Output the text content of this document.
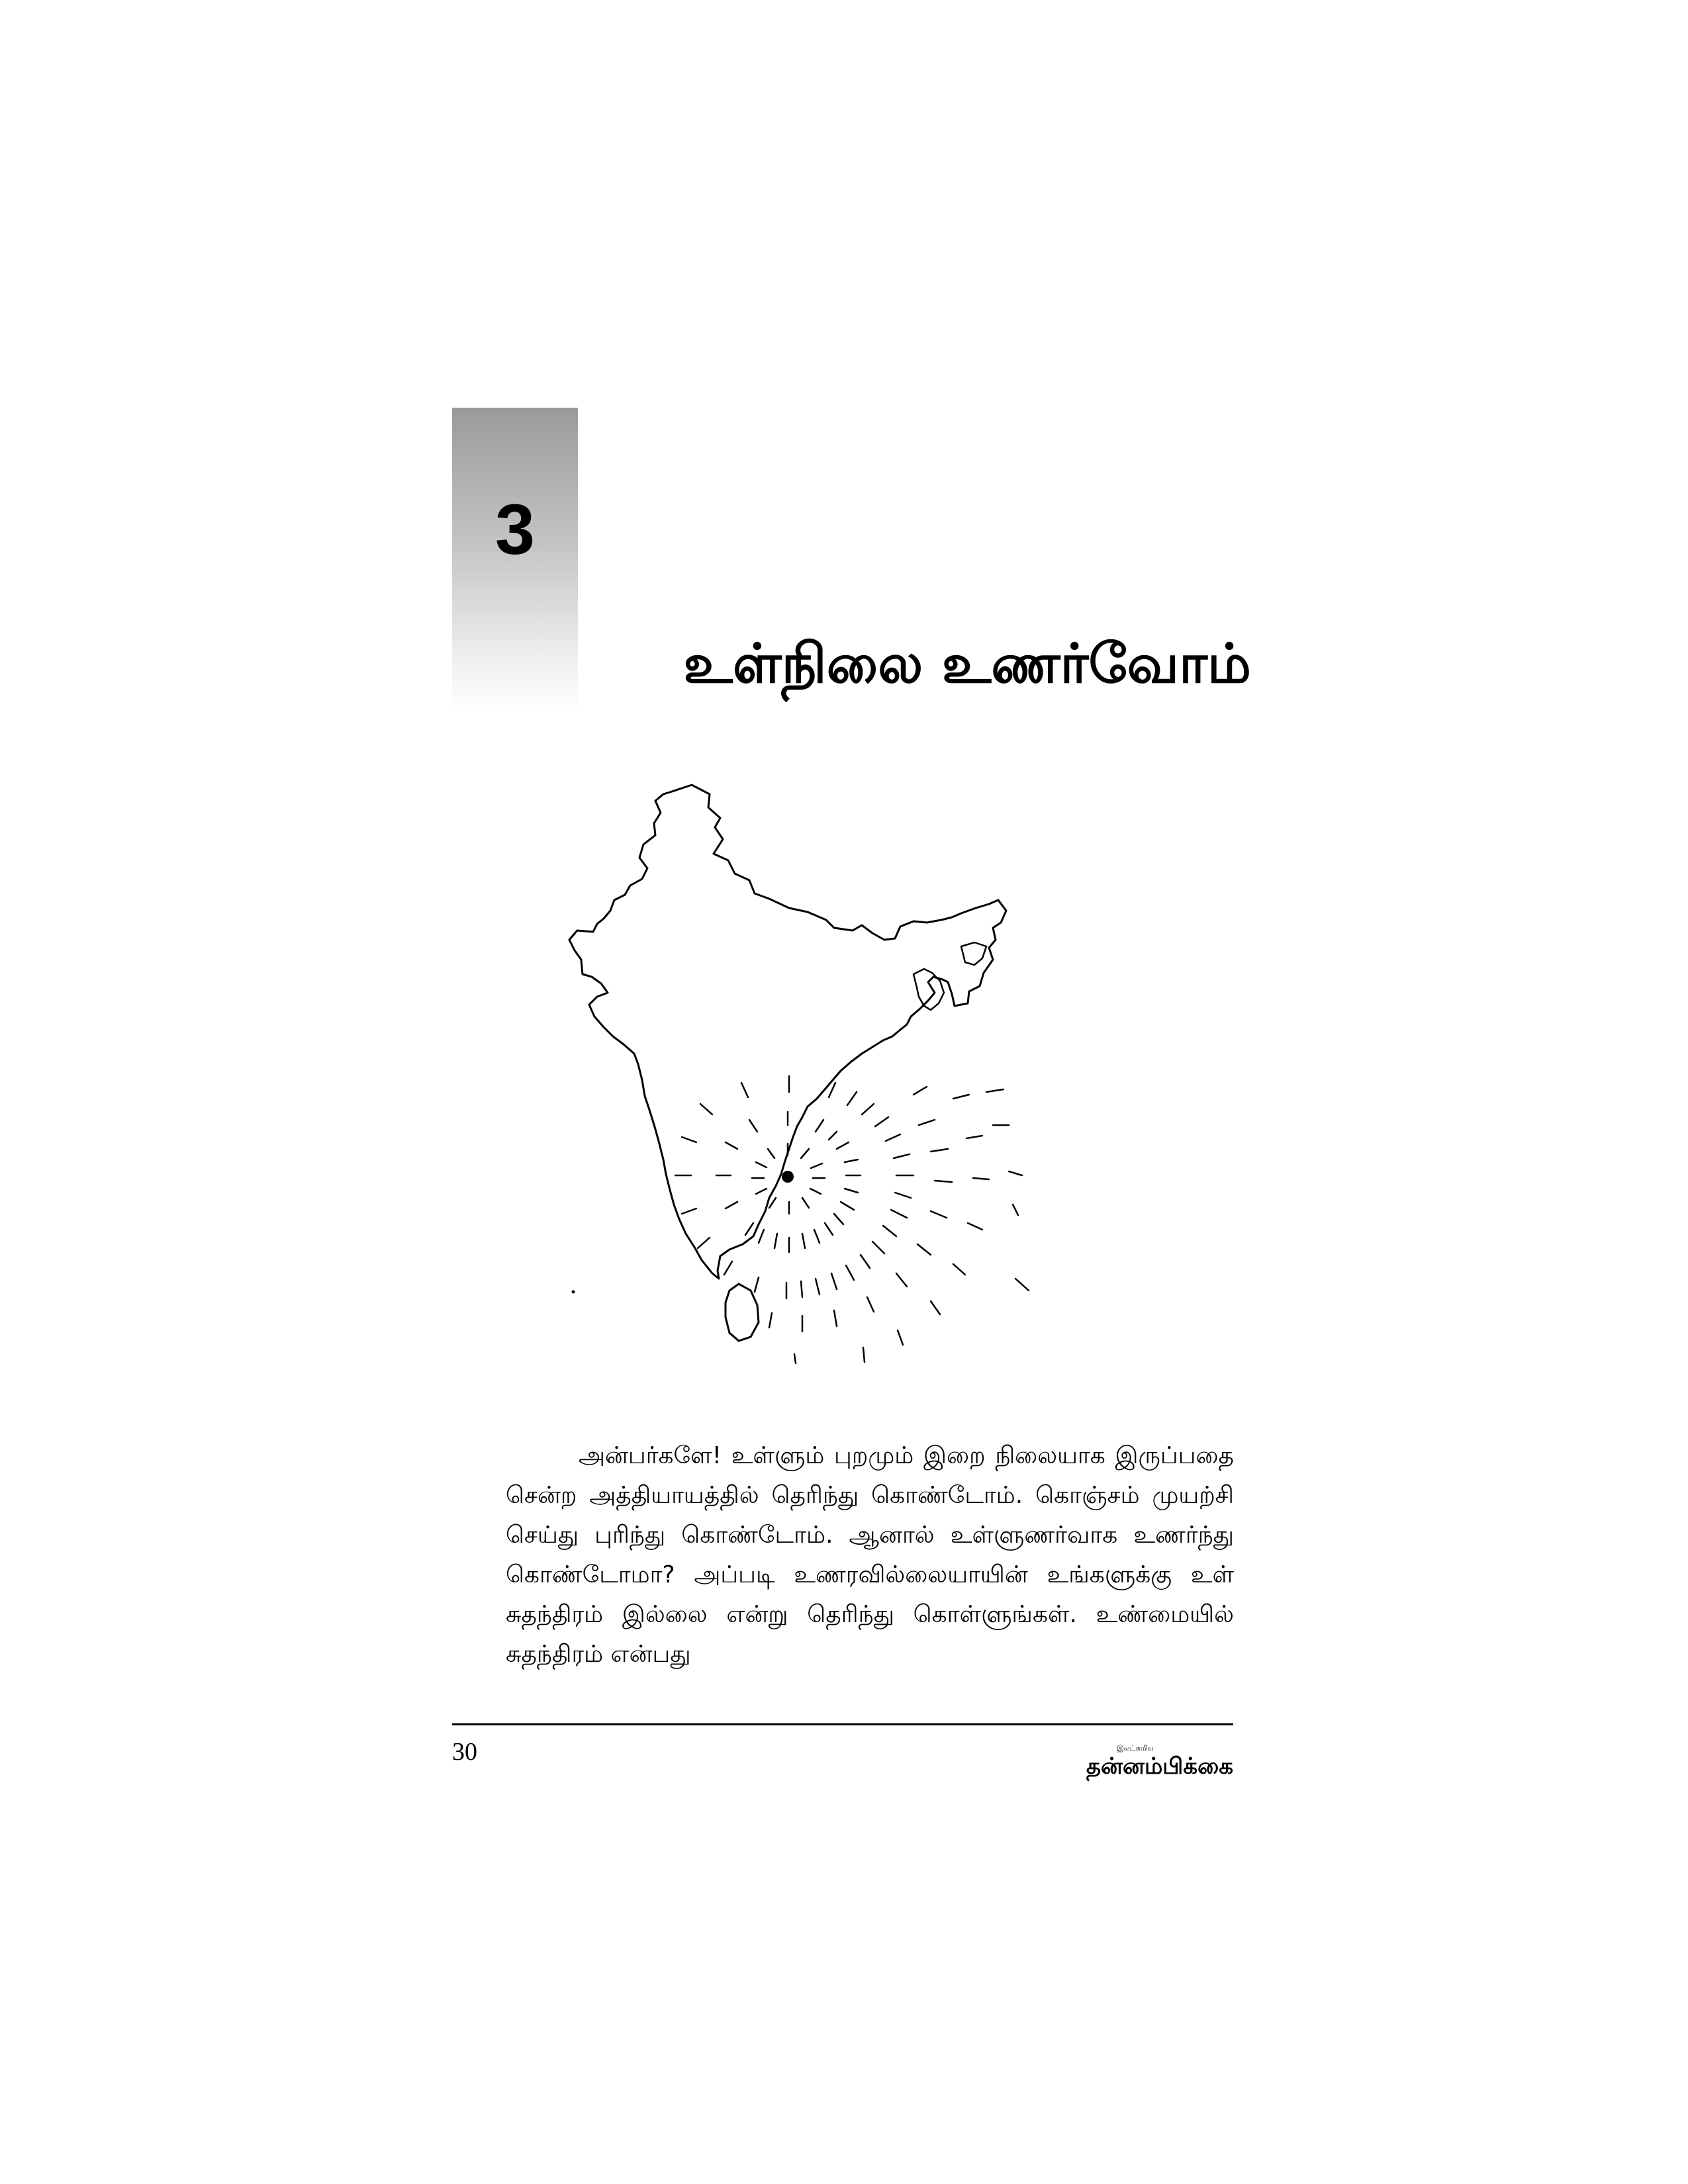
3
உள்நிலை உணர்வோம்

அன்பர்களே! உள்ளும் புறமும் இறை நிலையாக இருப்பதை சென்ற அத்தியாயத்தில் தெரிந்து கொண்டோம். கொஞ்சம் முயற்சி செய்து புரிந்து கொண்டோம். ஆனால் உள்ளுணர்வாக உணர்ந்து கொண்டோமா? அப்படி உணரவில்லையாயின் உங்களுக்கு உள் சுதந்திரம் இல்லை என்று தெரிந்து கொள்ளுங்கள். உண்மையில் சுதந்திரம் என்பது

30	இலட்சுமிய
தன்னம்பிக்கை
